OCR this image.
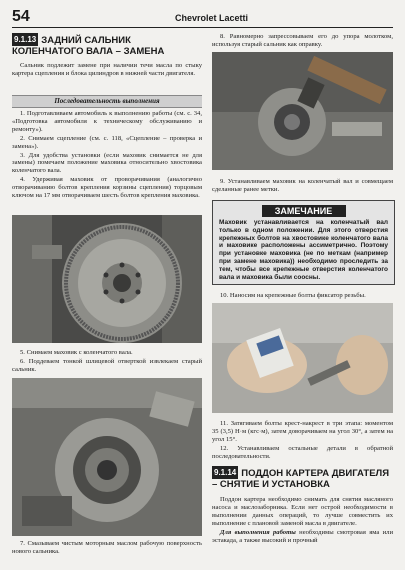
54	Chevrolet Lacetti
9.1.13 ЗАДНИЙ САЛЬНИК КОЛЕНЧАТОГО ВАЛА – ЗАМЕНА

Сальник подлежит замене при наличии течи масла по стыку картера сцепления и блока цилиндров в нижней части двигателя.

Последовательность выполнения

1. Подготавливаем автомобиль к выполнению работы (см. с. 34, «Подготовка автомобиля к техническому обслуживанию и ремонту»).

2. Снимаем сцепление (см. с. 118, «Сцепление – проверка и замена»).

3. Для удобства установки (если маховик снимается не для замены) помечаем положение маховика относительно хвостовика коленчатого вала.

4. Удерживая маховик от проворачивания (аналогично отворачиванию болтов крепления корзины сцепления) торцовым ключом на 17 мм отворачиваем шесть болтов крепления маховика.

5. Снимаем маховик с коленчатого вала.
6. Поддеваем тонкой шлицевой отверткой извлекаем старый сальник.
7. Смазываем чистым моторным маслом рабочую поверхность нового сальника.
8. Равномерно запрессовываем его до упора молотком, используя старый сальник как оправку.
9. Устанавливаем маховик на коленчатый вал и совмещаем сделанные ранее метки.
ЗАМЕЧАНИЕ
Маховик устанавливается на коленчатый вал только в одном положении. Для этого отверстия крепежных болтов на хвостовике коленчатого вала и маховике расположены ассиметрично. Поэтому при установке маховика (не по меткам (например при замене маховика)) необходимо проследить за тем, чтобы все крепежные отверстия коленчатого вала и маховика были соосны.
10. Наносим на крепежные болты фиксатор резьбы.
11. Затягиваем болты крест-накрест в три этапа: моментом 35 (3,5) Н·м (кгс·м), затем доворачиваем на угол 30°, а затем на угол 15°.
12. Устанавливаем остальные детали в обратной последовательности.
9.1.14 ПОДДОН КАРТЕРА ДВИГАТЕЛЯ – СНЯТИЕ И УСТАНОВКА

Поддон картера необходимо снимать для снятия масляного насоса и маслозаборника. Если нет острой необходимости в выполнении данных операций, то лучше совместить их выполнение с плановой заменой масла в двигателе.

Для выполнения работы необходимы смотровая яма или эстакада, а также высокий и прочный
